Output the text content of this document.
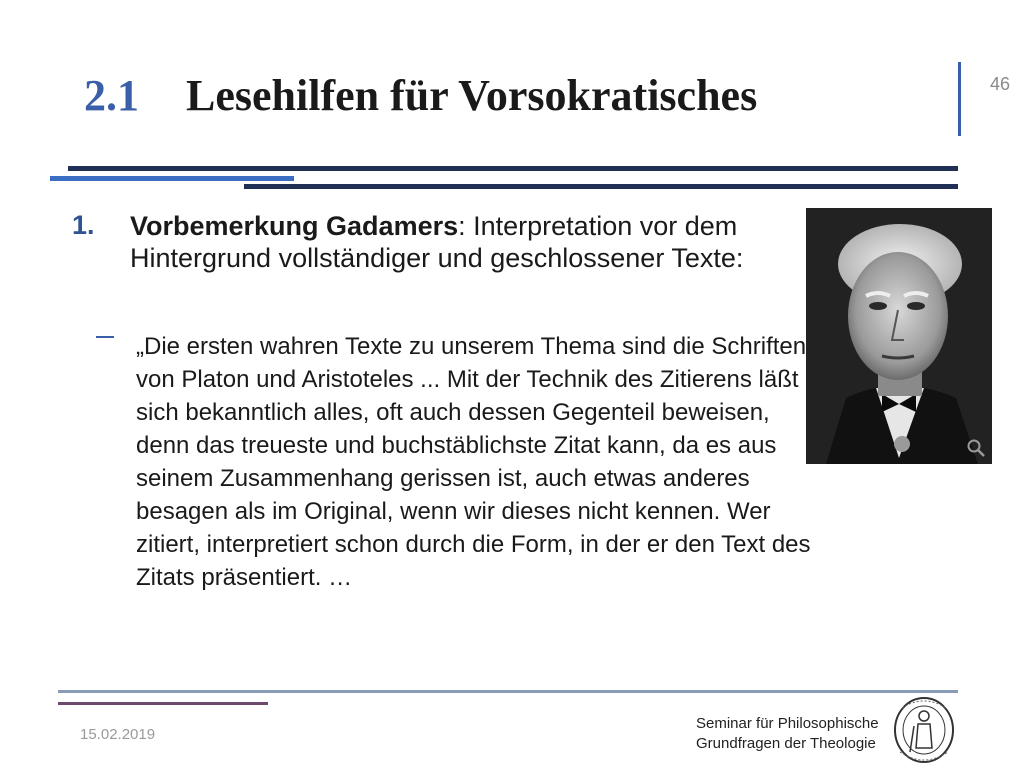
2.1 Lesehilfen für Vorsokratisches	46
1. Vorbemerkung Gadamers: Interpretation vor dem Hintergrund vollständiger und geschlossener Texte:
„Die ersten wahren Texte zu unserem Thema sind die Schriften von Platon und Aristoteles ... Mit der Technik des Zitierens läßt sich bekanntlich alles, oft auch dessen Gegenteil beweisen, denn das treueste und buchstäblichste Zitat kann, da es aus seinem Zusammenhang gerissen ist, auch etwas anderes besagen als im Original, wenn wir dieses nicht kennen. Wer zitiert, interpretiert schon durch die Form, in der er den Text des Zitats präsentiert. …
15.02.2019
Seminar für Philosophische
Grundfragen der Theologie
